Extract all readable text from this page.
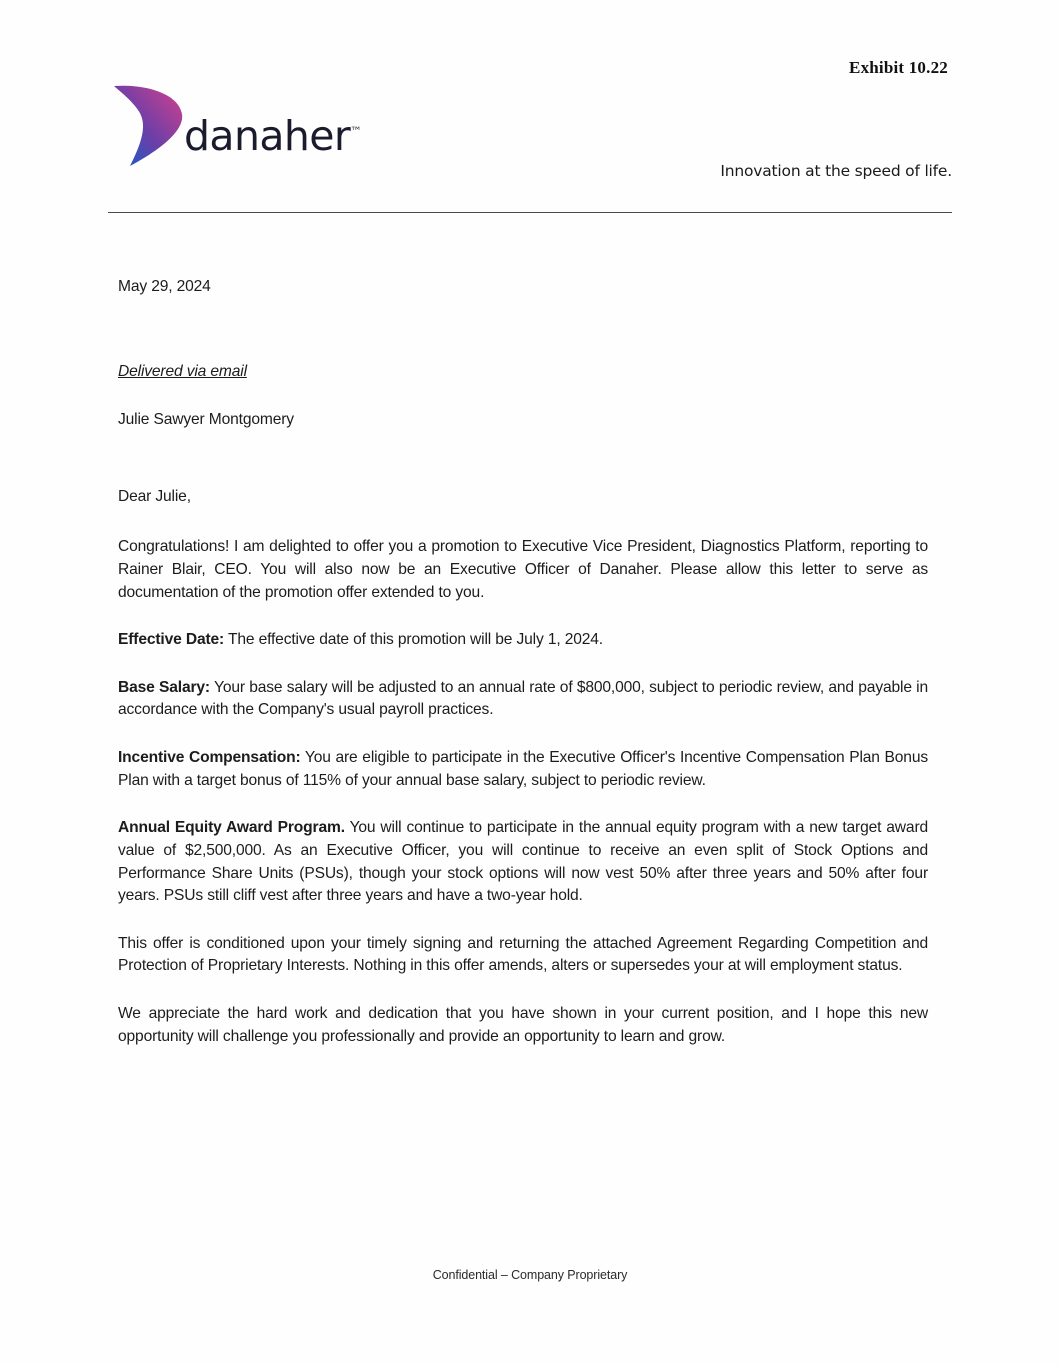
Exhibit 10.22
danaher™
Innovation at the speed of life.

May 29, 2024

Delivered via email

Julie Sawyer Montgomery

Dear Julie,

Congratulations! I am delighted to offer you a promotion to Executive Vice President, Diagnostics Platform, reporting to Rainer Blair, CEO. You will also now be an Executive Officer of Danaher. Please allow this letter to serve as documentation of the promotion offer extended to you.

Effective Date: The effective date of this promotion will be July 1, 2024.

Base Salary: Your base salary will be adjusted to an annual rate of $800,000, subject to periodic review, and payable in accordance with the Company's usual payroll practices.

Incentive Compensation: You are eligible to participate in the Executive Officer's Incentive Compensation Plan Bonus Plan with a target bonus of 115% of your annual base salary, subject to periodic review.

Annual Equity Award Program. You will continue to participate in the annual equity program with a new target award value of $2,500,000. As an Executive Officer, you will continue to receive an even split of Stock Options and Performance Share Units (PSUs), though your stock options will now vest 50% after three years and 50% after four years. PSUs still cliff vest after three years and have a two-year hold.

This offer is conditioned upon your timely signing and returning the attached Agreement Regarding Competition and Protection of Proprietary Interests. Nothing in this offer amends, alters or supersedes your at will employment status.

We appreciate the hard work and dedication that you have shown in your current position, and I hope this new opportunity will challenge you professionally and provide an opportunity to learn and grow.

Confidential – Company Proprietary
